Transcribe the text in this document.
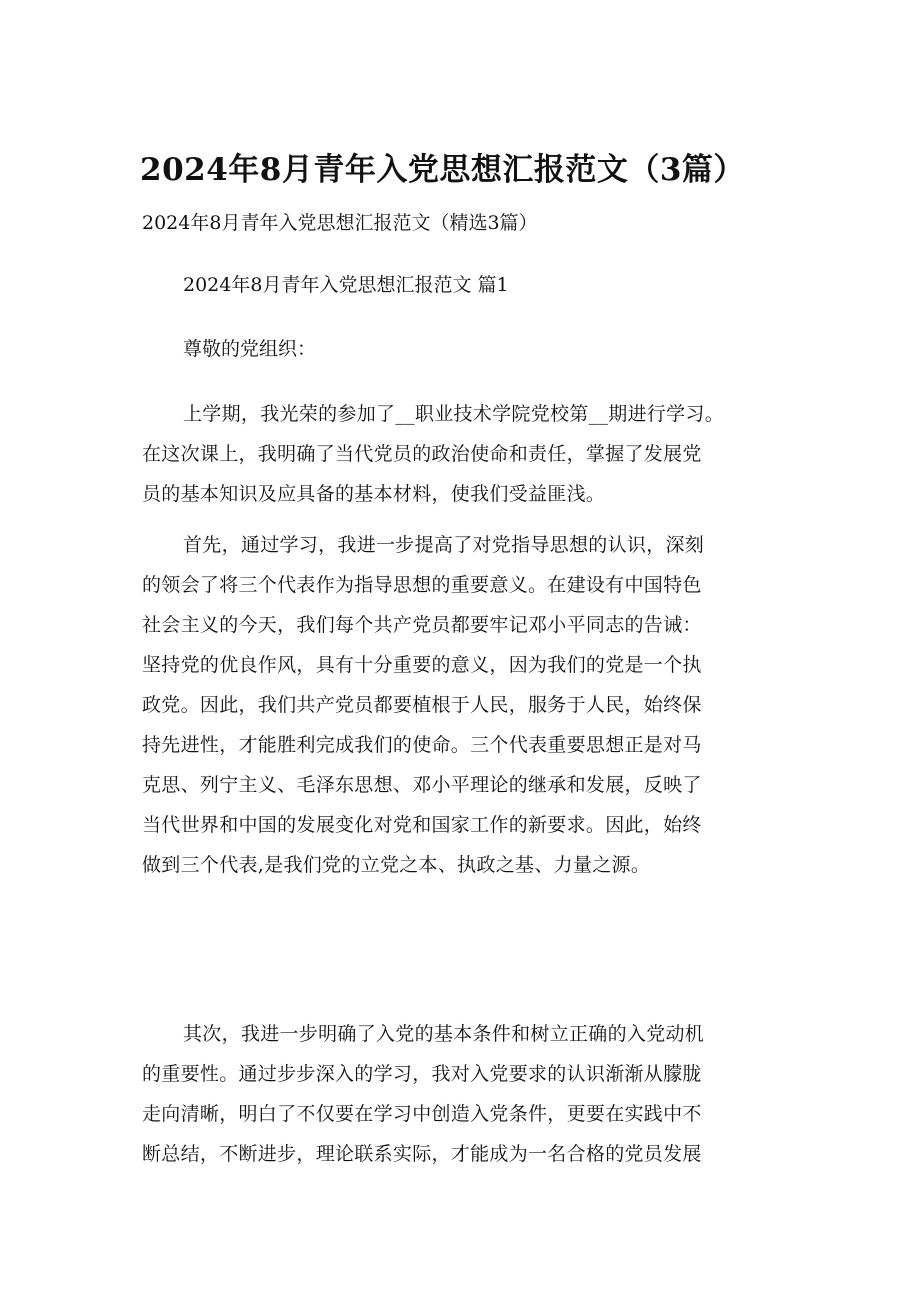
2024年8月青年入党思想汇报范文（3篇）

2024年8月青年入党思想汇报范文（精选3篇）

2024年8月青年入党思想汇报范文 篇1

尊敬的党组织：

上学期，我光荣的参加了__职业技术学院党校第__期进行学习。
在这次课上，我明确了当代党员的政治使命和责任，掌握了发展党
员的基本知识及应具备的基本材料，使我们受益匪浅。
首先，通过学习，我进一步提高了对党指导思想的认识，深刻
的领会了将三个代表作为指导思想的重要意义。在建设有中国特色
社会主义的今天，我们每个共产党员都要牢记邓小平同志的告诫：
坚持党的优良作风，具有十分重要的意义，因为我们的党是一个执
政党。因此，我们共产党员都要植根于人民，服务于人民，始终保
持先进性，才能胜利完成我们的使命。三个代表重要思想正是对马
克思、列宁主义、毛泽东思想、邓小平理论的继承和发展，反映了
当代世界和中国的发展变化对党和国家工作的新要求。因此，始终
做到三个代表,是我们党的立党之本、执政之基、力量之源。
其次，我进一步明确了入党的基本条件和树立正确的入党动机
的重要性。通过步步深入的学习，我对入党要求的认识渐渐从朦胧
走向清晰，明白了不仅要在学习中创造入党条件，更要在实践中不
断总结，不断进步，理论联系实际，才能成为一名合格的党员发展
